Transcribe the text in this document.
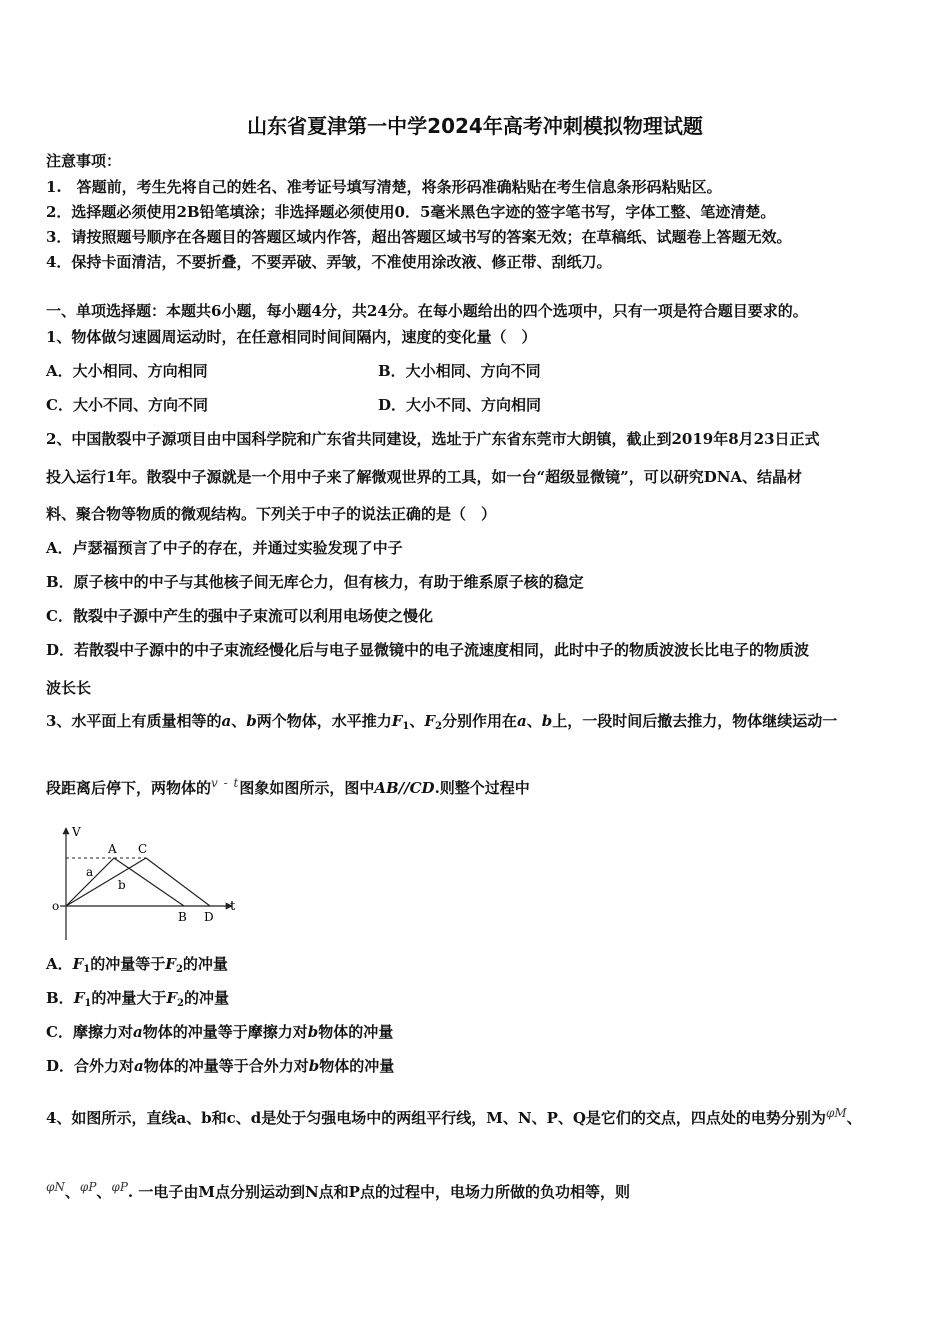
山东省夏津第一中学2024年高考冲刺模拟物理试题

注意事项：

1.　答题前，考生先将自己的姓名、准考证号填写清楚，将条形码准确粘贴在考生信息条形码粘贴区。

2．选择题必须使用2B铅笔填涂；非选择题必须使用0．5毫米黑色字迹的签字笔书写，字体工整、笔迹清楚。

3．请按照题号顺序在各题目的答题区域内作答，超出答题区域书写的答案无效；在草稿纸、试题卷上答题无效。

4．保持卡面清洁，不要折叠，不要弄破、弄皱，不准使用涂改液、修正带、刮纸刀。

一、单项选择题：本题共6小题，每小题4分，共24分。在每小题给出的四个选项中，只有一项是符合题目要求的。

1、物体做匀速圆周运动时，在任意相同时间间隔内，速度的变化量（　）

A．大小相同、方向相同	B．大小相同、方向不同

C．大小不同、方向不同	D．大小不同、方向相同

2、中国散裂中子源项目由中国科学院和广东省共同建设，选址于广东省东莞市大朗镇，截止到2019年8月23日正式

投入运行1年。散裂中子源就是一个用中子来了解微观世界的工具，如一台“超级显微镜”，可以研究DNA、结晶材

料、聚合物等物质的微观结构。下列关于中子的说法正确的是（　）

A．卢瑟福预言了中子的存在，并通过实验发现了中子

B．原子核中的中子与其他核子间无库仑力，但有核力，有助于维系原子核的稳定

C．散裂中子源中产生的强中子束流可以利用电场使之慢化

D．若散裂中子源中的中子束流经慢化后与电子显微镜中的电子流速度相同，此时中子的物质波波长比电子的物质波

波长长

3、水平面上有质量相等的a、b两个物体，水平推力$F_1$、$F_2$分别作用在a、b上，一段时间后撤去推力，物体继续运动一

段距离后停下，两物体的$^{v - t}$图象如图所示，图中AB//CD.则整个过程中

V
t
o
A C
B D
a
b

A．$F_1$的冲量等于$F_2$的冲量

B．$F_1$的冲量大于$F_2$的冲量

C．摩擦力对a物体的冲量等于摩擦力对b物体的冲量

D．合外力对a物体的冲量等于合外力对b物体的冲量

4、如图所示，直线a、b和c、d是处于匀强电场中的两组平行线，M、N、P、Q是它们的交点，四点处的电势分别为$^{\varphi M}$、

$^{\varphi N}$、$^{\varphi P}$、$^{\varphi P}$. 一电子由M点分别运动到N点和P点的过程中，电场力所做的负功相等，则
